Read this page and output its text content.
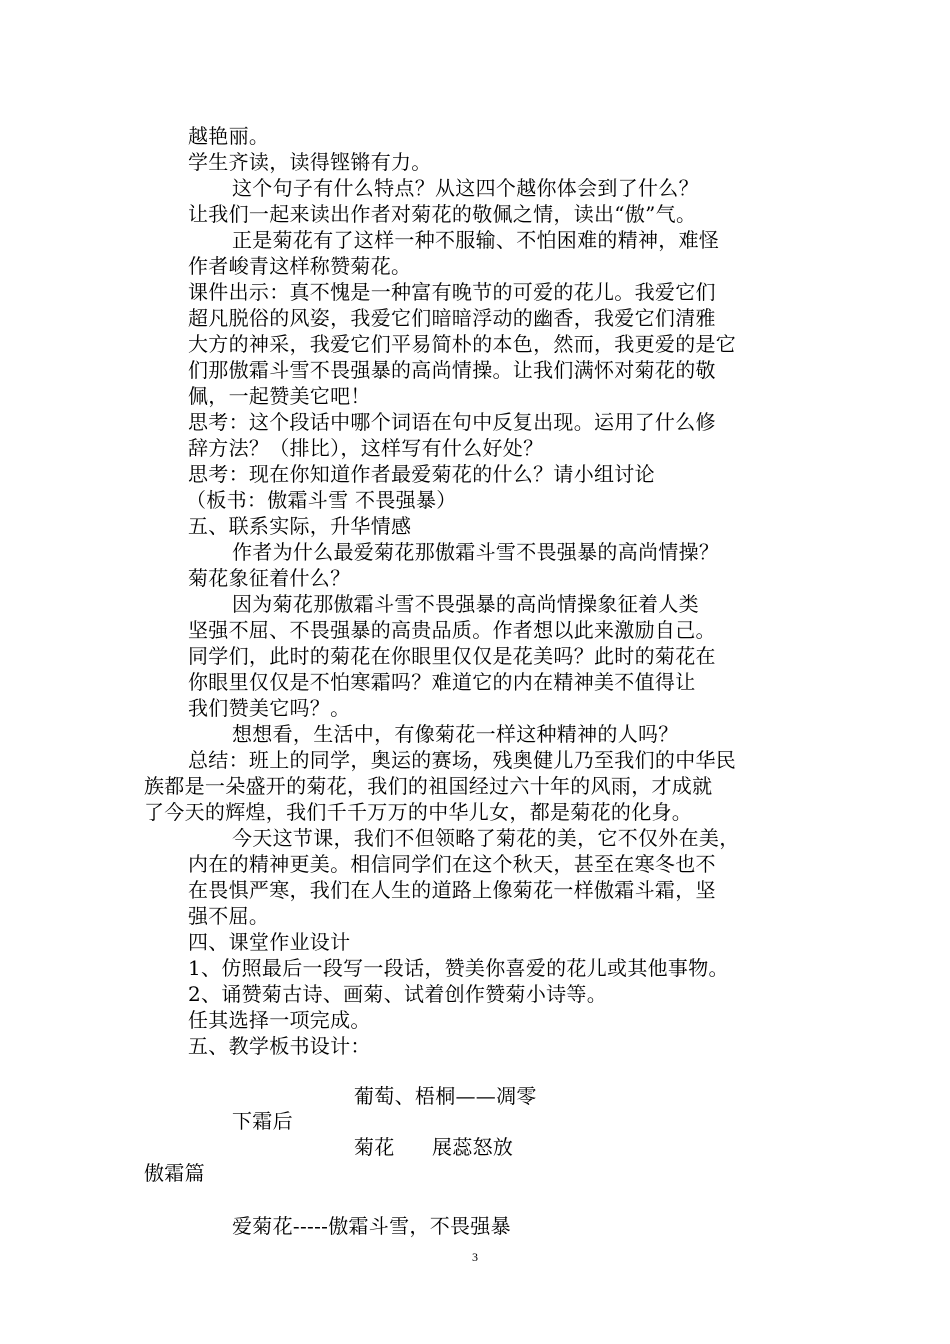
越艳丽。
学生齐读，读得铿锵有力。
这个句子有什么特点？从这四个越你体会到了什么？
让我们一起来读出作者对菊花的敬佩之情，读出“傲”气。
正是菊花有了这样一种不服输、不怕困难的精神，难怪
作者峻青这样称赞菊花。
课件出示：真不愧是一种富有晚节的可爱的花儿。我爱它们
超凡脱俗的风姿，我爱它们暗暗浮动的幽香，我爱它们清雅
大方的神采，我爱它们平易简朴的本色，然而，我更爱的是它
们那傲霜斗雪不畏强暴的高尚情操。让我们满怀对菊花的敬
佩，一起赞美它吧！
思考：这个段话中哪个词语在句中反复出现。运用了什么修
辞方法？（排比），这样写有什么好处？
思考：现在你知道作者最爱菊花的什么？请小组讨论
（板书：傲霜斗雪 不畏强暴）
五、联系实际，升华情感
作者为什么最爱菊花那傲霜斗雪不畏强暴的高尚情操？
菊花象征着什么？
因为菊花那傲霜斗雪不畏强暴的高尚情操象征着人类
坚强不屈、不畏强暴的高贵品质。作者想以此来激励自己。
同学们，此时的菊花在你眼里仅仅是花美吗？此时的菊花在
你眼里仅仅是不怕寒霜吗？难道它的内在精神美不值得让
我们赞美它吗？。
想想看，生活中，有像菊花一样这种精神的人吗？
总结：班上的同学，奥运的赛场，残奥健儿乃至我们的中华民
族都是一朵盛开的菊花，我们的祖国经过六十年的风雨，才成就
了今天的辉煌，我们千千万万的中华儿女，都是菊花的化身。
今天这节课，我们不但领略了菊花的美，它不仅外在美，
内在的精神更美。相信同学们在这个秋天，甚至在寒冬也不
在畏惧严寒，我们在人生的道路上像菊花一样傲霜斗霜，坚
强不屈。
四、课堂作业设计
1、仿照最后一段写一段话，赞美你喜爱的花儿或其他事物。
2、诵赞菊古诗、画菊、试着创作赞菊小诗等。
任其选择一项完成。
五、教学板书设计：
葡萄、梧桐——凋零
下霜后
菊花 展蕊怒放
傲霜篇
爱菊花-----傲霜斗雪，不畏强暴
3
